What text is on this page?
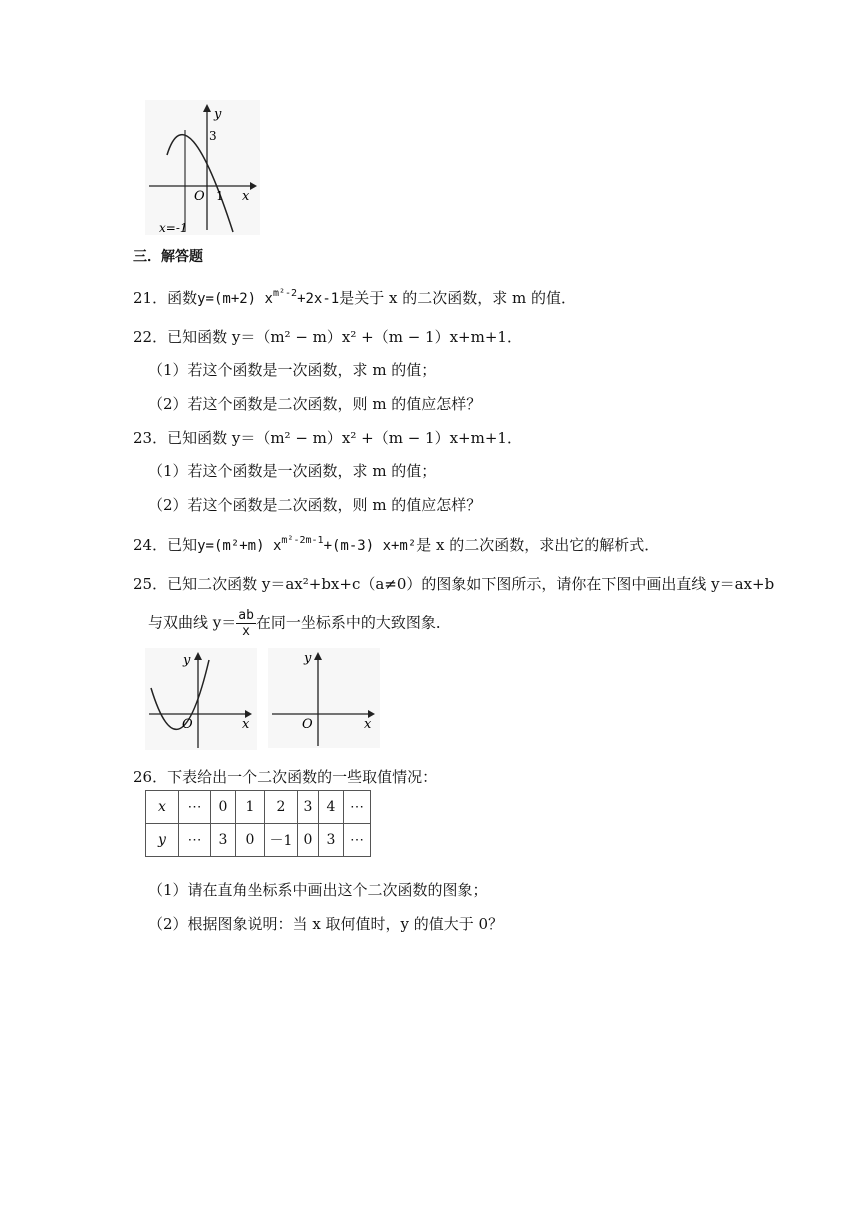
y
3
O 1 x
x=-1
三．解答题
21．函数y=(m+2) $x^{m^2-2}+2x-1$是关于 x 的二次函数，求 m 的值．
22．已知函数 y＝（m² − m）x² +（m − 1）x+m+1．
（1）若这个函数是一次函数，求 m 的值；
（2）若这个函数是二次函数，则 m 的值应怎样？
23．已知函数 y＝（m² − m）x² +（m − 1）x+m+1．
（1）若这个函数是一次函数，求 m 的值；
（2）若这个函数是二次函数，则 m 的值应怎样？
24．已知y=(m²+m) $x^{m^2-2m-1}+(m-3)$ x+m²是 x 的二次函数，求出它的解析式．
25．已知二次函数 y＝ax²+bx+c（a≠0）的图象如下图所示，请你在下图中画出直线 y＝ax+b
与双曲线 $y= \frac{ab}{x}$ 在同一坐标系中的大致图象．
y
O	x
y
O	x
26．下表给出一个二次函数的一些取值情况：
x	⋯	0	1	2	3	4	⋯
y	⋯	3	0	－1	0	3	⋯
（1）请在直角坐标系中画出这个二次函数的图象；
（2）根据图象说明：当 x 取何值时，y 的值大于 0？
